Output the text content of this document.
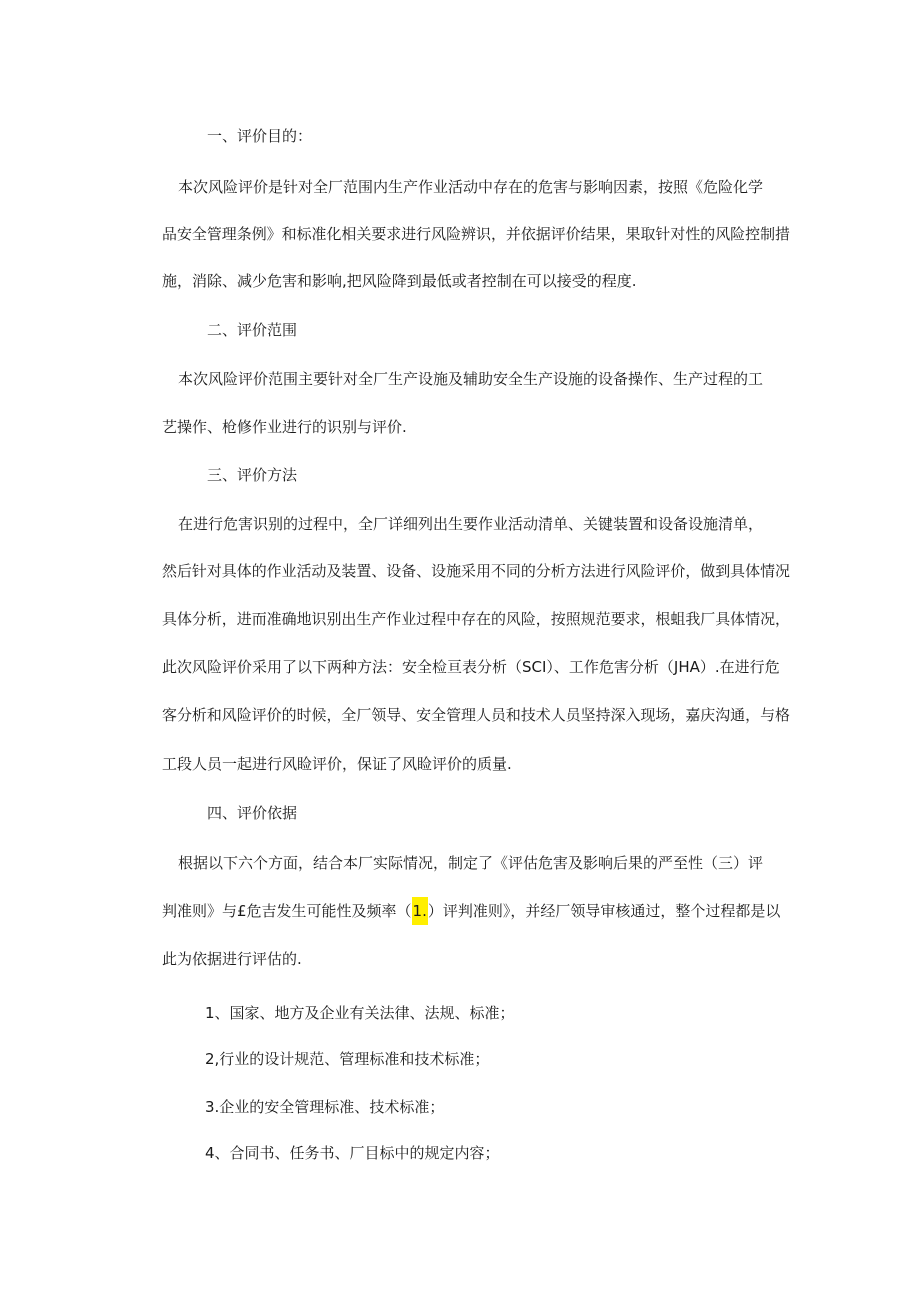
一、评价目的：

本次风险评价是针对全厂范围内生产作业活动中存在的危害与影响因素，按照《危险化学

品安全管理条例》和标准化相关要求进行风险辨识，并依据评价结果，果取针对性的风险控制措

施，消除、减少危害和影响,把风险降到最低或者控制在可以接受的程度.

二、评价范围

本次风险评价范围主要针对全厂生产设施及辅助安全生产设施的设备操作、生产过程的工

艺操作、枪修作业进行的识别与评价.

三、评价方法

在进行危害识别的过程中，全厂详细列出生要作业活动清单、关键装置和设备设施清单，

然后针对具体的作业活动及装置、设备、设施采用不同的分析方法进行风险评价，做到具体情况

具体分析，进而准确地识别出生产作业过程中存在的风险，按照规范要求，根蛆我厂具体情况，

此次风险评价采用了以下两种方法：安全检亘表分析（SCI）、工作危害分析（JHA）.在进行危

客分析和风险评价的时候，全厂领导、安全管理人员和技术人员坚持深入现场，嘉庆沟通，与格

工段人员一起进行风睑评价，保证了风睑评价的质量.

四、评价依据

根据以下六个方面，结合本厂实际情况，制定了《评估危害及影响后果的严至性（三）评

判准则》与£危吉发生可能性及频率（1.）评判准则》，并经厂领导审核通过，整个过程都是以

此为依据进行评估的.

1、国家、地方及企业有关法律、法规、标准；

2,行业的设计规范、管理标准和技术标准；

3.企业的安全管理标准、技术标准；

4、合同书、任务书、厂目标中的规定内容；
